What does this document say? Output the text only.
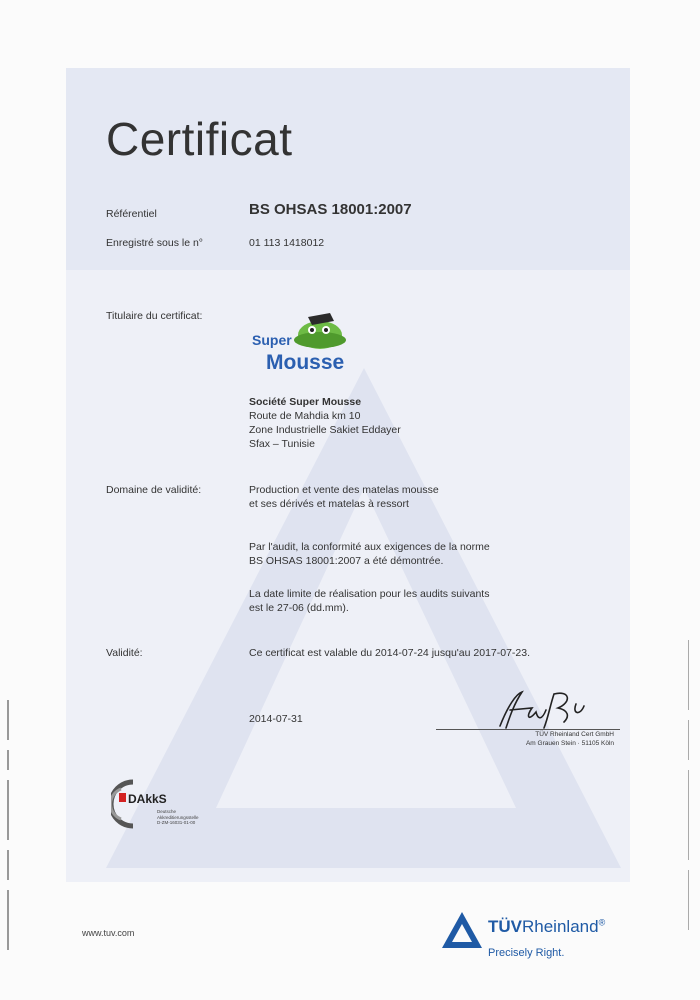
Certificat
Référentiel	BS OHSAS 18001:2007
Enregistré sous le n°	01 113 1418012
Titulaire du certificat:
Super
Mousse
Société Super Mousse
Route de Mahdia km 10
Zone Industrielle Sakiet Eddayer
Sfax – Tunisie
Domaine de validité:	Production et vente des matelas mousse
et ses dérivés et matelas à ressort
Par l'audit, la conformité aux exigences de la norme
BS OHSAS 18001:2007 a été démontrée.
La date limite de réalisation pour les audits suivants
est le 27-06 (dd.mm).
Validité:	Ce certificat est valable du 2014-07-24 jusqu'au 2017-07-23.
2014-07-31
TÜV Rheinland Cert GmbH
Am Grauen Stein · 51105 Köln
DAkkS
Deutsche
Akkreditierungsstelle
D-ZM-16031-01-00
www.tuv.com	TÜVRheinland®
Precisely Right.
